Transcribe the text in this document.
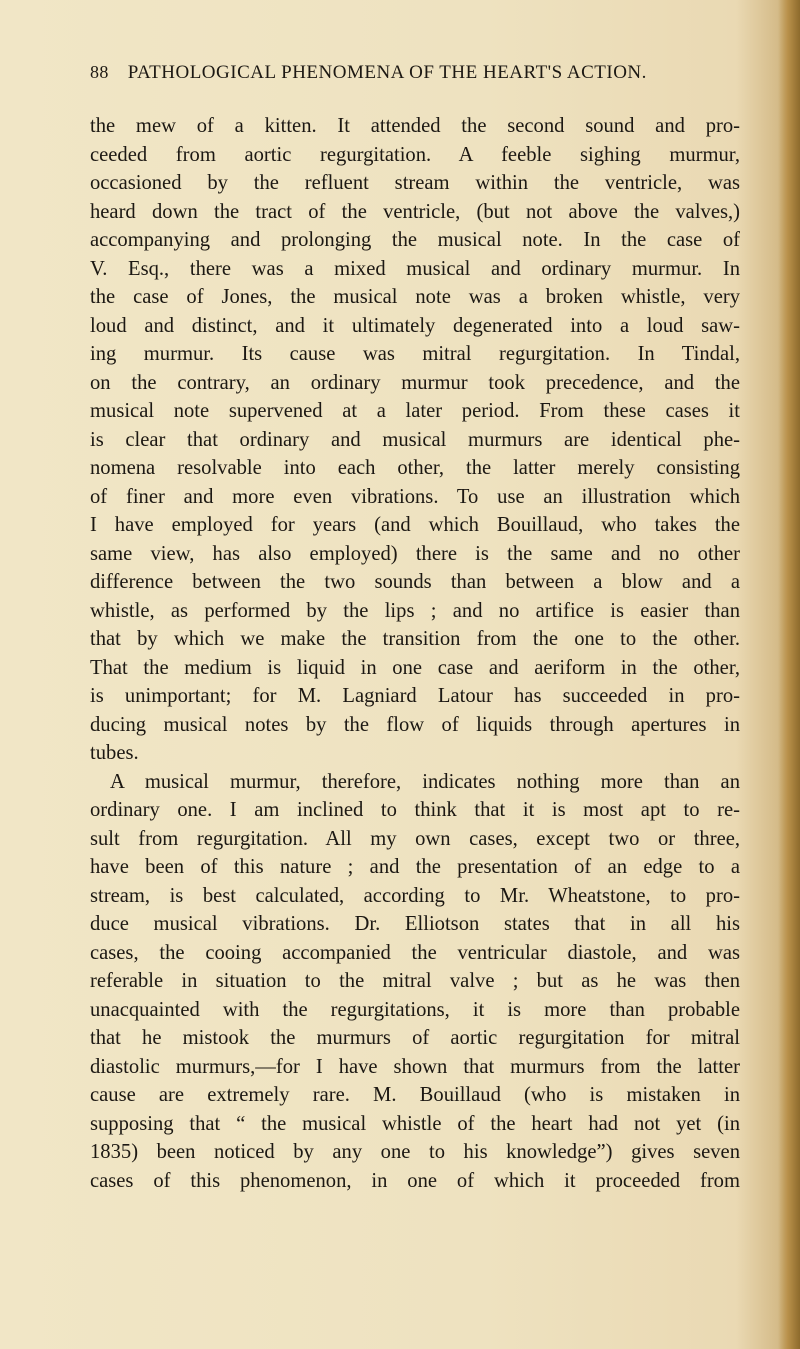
88 PATHOLOGICAL PHENOMENA OF THE HEART'S ACTION.
the mew of a kitten. It attended the second sound and pro-
ceeded from aortic regurgitation. A feeble sighing murmur,
occasioned by the refluent stream within the ventricle, was
heard down the tract of the ventricle, (but not above the valves,)
accompanying and prolonging the musical note. In the case of
V. Esq., there was a mixed musical and ordinary murmur. In
the case of Jones, the musical note was a broken whistle, very
loud and distinct, and it ultimately degenerated into a loud saw-
ing murmur. Its cause was mitral regurgitation. In Tindal,
on the contrary, an ordinary murmur took precedence, and the
musical note supervened at a later period. From these cases it
is clear that ordinary and musical murmurs are identical phe-
nomena resolvable into each other, the latter merely consisting
of finer and more even vibrations. To use an illustration which
I have employed for years (and which Bouillaud, who takes the
same view, has also employed) there is the same and no other
difference between the two sounds than between a blow and a
whistle, as performed by the lips ; and no artifice is easier than
that by which we make the transition from the one to the other.
That the medium is liquid in one case and aeriform in the other,
is unimportant; for M. Lagniard Latour has succeeded in pro-
ducing musical notes by the flow of liquids through apertures in
tubes.
A musical murmur, therefore, indicates nothing more than an
ordinary one. I am inclined to think that it is most apt to re-
sult from regurgitation. All my own cases, except two or three,
have been of this nature ; and the presentation of an edge to a
stream, is best calculated, according to Mr. Wheatstone, to pro-
duce musical vibrations. Dr. Elliotson states that in all his
cases, the cooing accompanied the ventricular diastole, and was
referable in situation to the mitral valve ; but as he was then
unacquainted with the regurgitations, it is more than probable
that he mistook the murmurs of aortic regurgitation for mitral
diastolic murmurs,—for I have shown that murmurs from the latter
cause are extremely rare. M. Bouillaud (who is mistaken in
supposing that “ the musical whistle of the heart had not yet (in
1835) been noticed by any one to his knowledge”) gives seven
cases of this phenomenon, in one of which it proceeded from
